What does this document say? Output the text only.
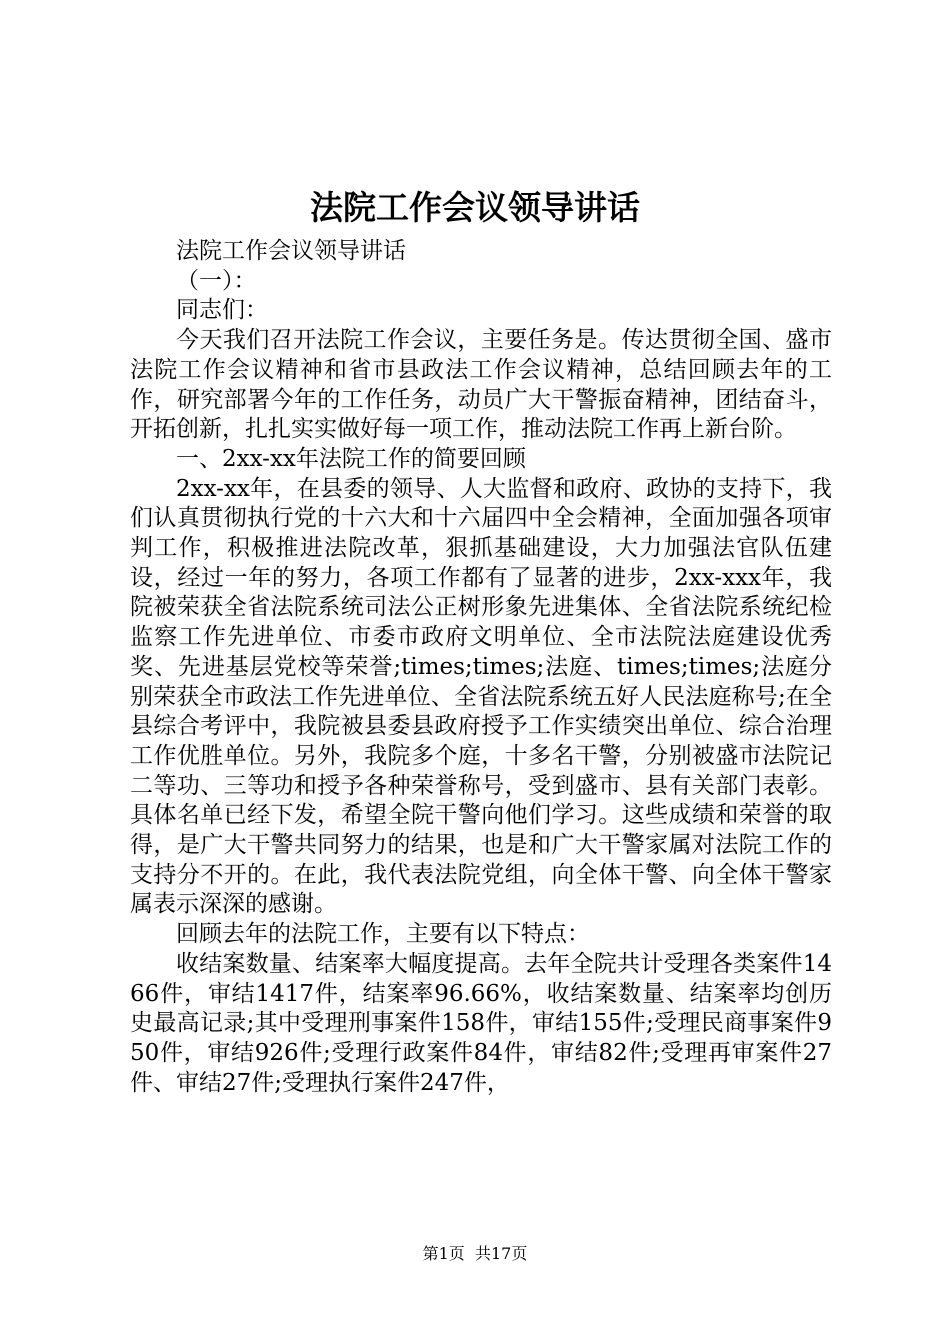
法院工作会议领导讲话

法院工作会议领导讲话

（一）：

同志们：

今天我们召开法院工作会议，主要任务是。传达贯彻全国、盛市法院工作会议精神和省市县政法工作会议精神，总结回顾去年的工作，研究部署今年的工作任务，动员广大干警振奋精神，团结奋斗，开拓创新，扎扎实实做好每一项工作，推动法院工作再上新台阶。

一、2xx-xx年法院工作的简要回顾

2xx-xx年，在县委的领导、人大监督和政府、政协的支持下，我们认真贯彻执行党的十六大和十六届四中全会精神，全面加强各项审判工作，积极推进法院改革，狠抓基础建设，大力加强法官队伍建设，经过一年的努力，各项工作都有了显著的进步，2xx-xxx年，我院被荣获全省法院系统司法公正树形象先进集体、全省法院系统纪检监察工作先进单位、市委市政府文明单位、全市法院法庭建设优秀奖、先进基层党校等荣誉;times;times;法庭、times;times;法庭分别荣获全市政法工作先进单位、全省法院系统五好人民法庭称号;在全县综合考评中，我院被县委县政府授予工作实绩突出单位、综合治理工作优胜单位。另外，我院多个庭，十多名干警，分别被盛市法院记二等功、三等功和授予各种荣誉称号，受到盛市、县有关部门表彰。具体名单已经下发，希望全院干警向他们学习。这些成绩和荣誉的取得，是广大干警共同努力的结果，也是和广大干警家属对法院工作的支持分不开的。在此，我代表法院党组，向全体干警、向全体干警家属表示深深的感谢。

回顾去年的法院工作，主要有以下特点：

收结案数量、结案率大幅度提高。去年全院共计受理各类案件1466件，审结1417件，结案率96.66%，收结案数量、结案率均创历史最高记录;其中受理刑事案件158件，审结155件;受理民商事案件950件，审结926件;受理行政案件84件，审结82件;受理再审案件27件、审结27件;受理执行案件247件，

第1页 共17页
